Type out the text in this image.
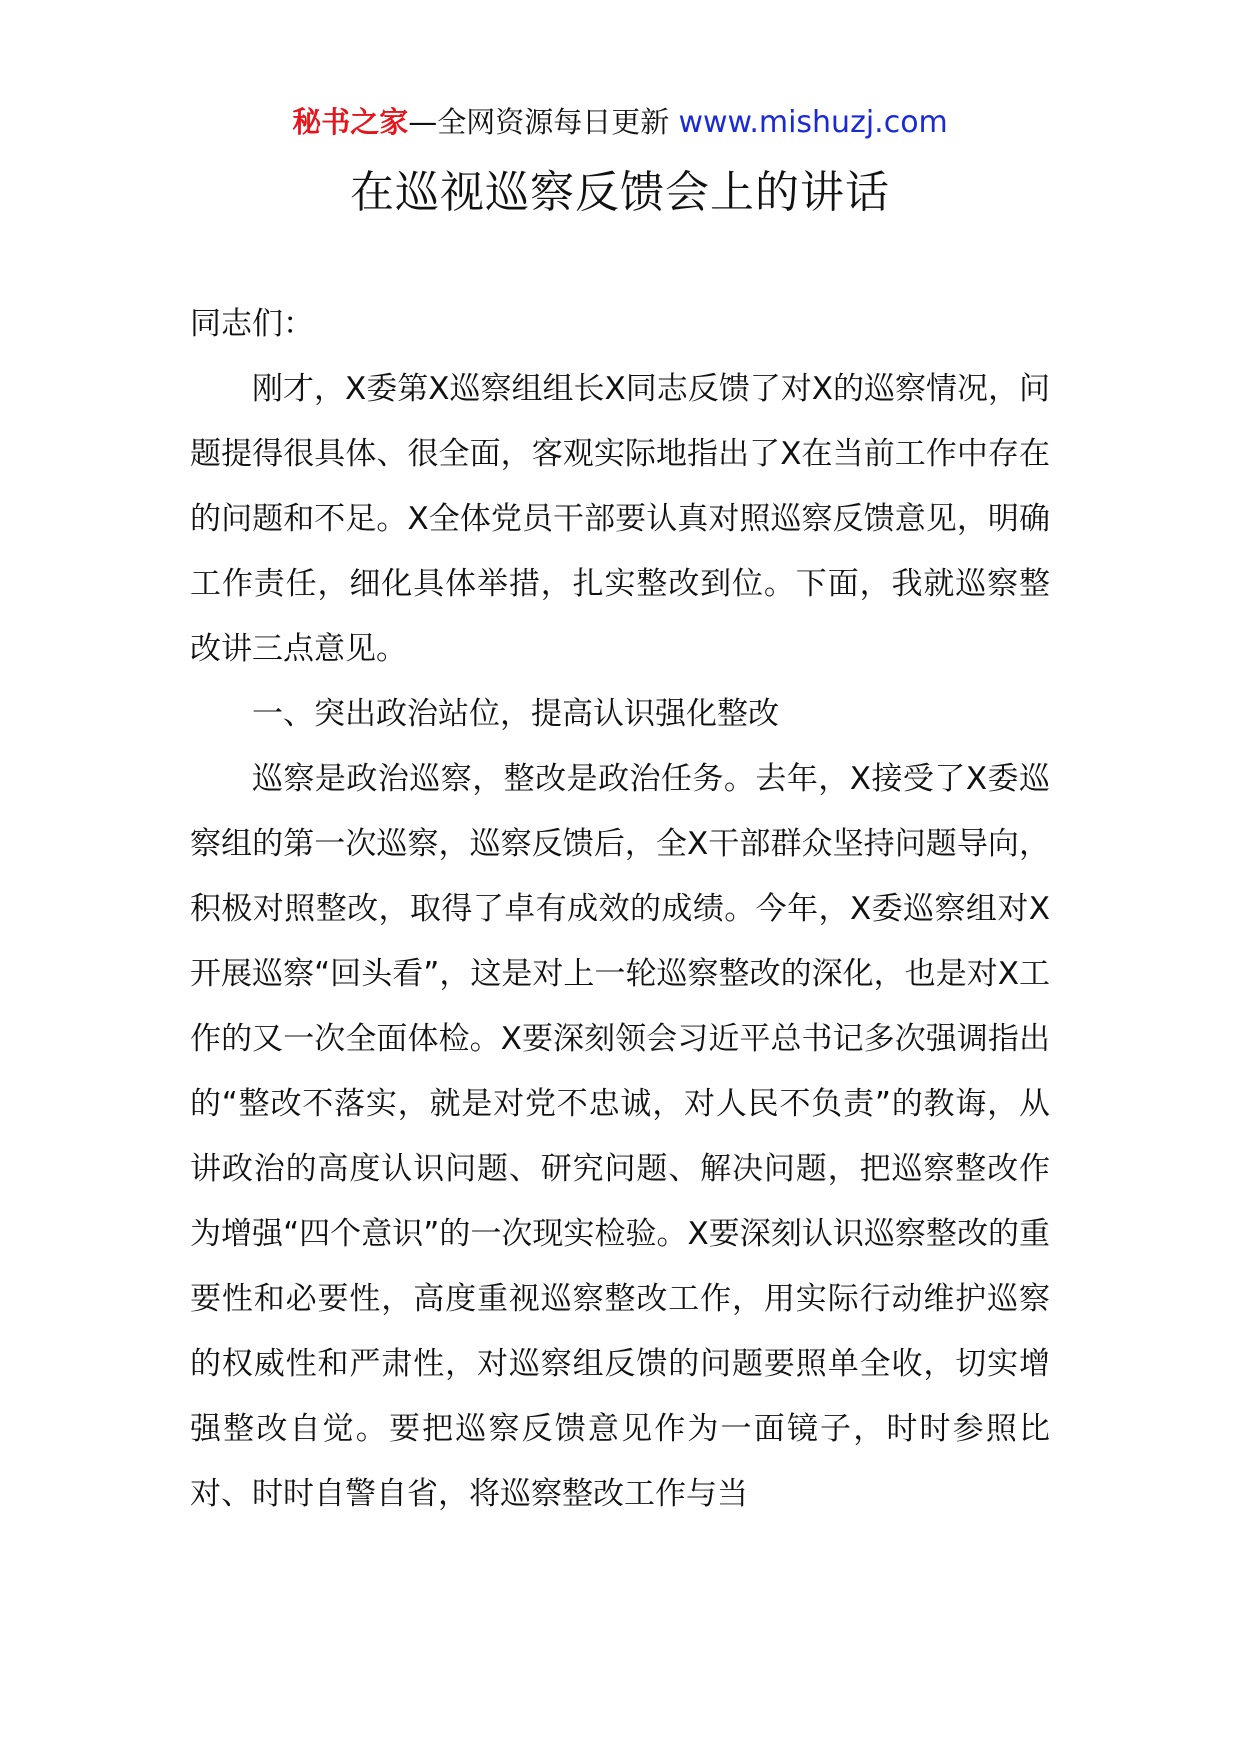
秘书之家—全网资源每日更新 www.mishuzj.com
在巡视巡察反馈会上的讲话

同志们：

刚才，X委第X巡察组组长X同志反馈了对X的巡察情况，问题提得很具体、很全面，客观实际地指出了X在当前工作中存在的问题和不足。X全体党员干部要认真对照巡察反馈意见，明确工作责任，细化具体举措，扎实整改到位。下面，我就巡察整改讲三点意见。

一、突出政治站位，提高认识强化整改

巡察是政治巡察，整改是政治任务。去年，X接受了X委巡察组的第一次巡察，巡察反馈后，全X干部群众坚持问题导向，积极对照整改，取得了卓有成效的成绩。今年，X委巡察组对X开展巡察“回头看”，这是对上一轮巡察整改的深化，也是对X工作的又一次全面体检。X要深刻领会习近平总书记多次强调指出的“整改不落实，就是对党不忠诚，对人民不负责”的教诲，从讲政治的高度认识问题、研究问题、解决问题，把巡察整改作为增强“四个意识”的一次现实检验。X要深刻认识巡察整改的重要性和必要性，高度重视巡察整改工作，用实际行动维护巡察的权威性和严肃性，对巡察组反馈的问题要照单全收，切实增强整改自觉。要把巡察反馈意见作为一面镜子，时时参照比对、时时自警自省，将巡察整改工作与当
